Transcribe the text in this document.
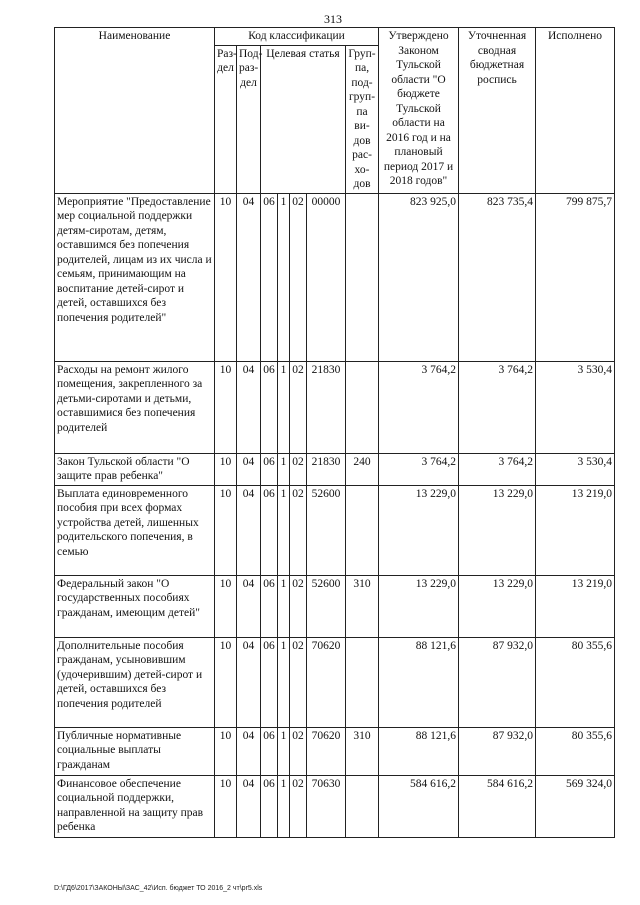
313
Наименование	Код классификации							Утверждено Законом Тульской области "О бюджете Тульской области на 2016 год и на плановый период 2017 и 2018 годов"	Уточненная сводная бюджетная роспись	Исполнено
	Раз-дел	Под-раз-дел	Целевая статья				Груп-па, под-груп-па ви-дов рас-хо-дов			
Мероприятие "Предоставление мер социальной поддержки детям-сиротам, детям, оставшимся без попечения родителей, лицам из их числа и семьям, принимающим на воспитание детей-сирот и детей, оставшихся без попечения родителей"	10	04	06	1	02	00000		823 925,0	823 735,4	799 875,7
Расходы на ремонт жилого помещения, закрепленного за детьми-сиротами и детьми, оставшимися без попечения родителей	10	04	06	1	02	21830		3 764,2	3 764,2	3 530,4
Закон Тульской области "О защите прав ребенка"	10	04	06	1	02	21830	240	3 764,2	3 764,2	3 530,4
Выплата единовременного пособия при всех формах устройства детей, лишенных родительского попечения, в семью	10	04	06	1	02	52600		13 229,0	13 229,0	13 219,0
Федеральный закон "О государственных пособиях гражданам, имеющим детей"	10	04	06	1	02	52600	310	13 229,0	13 229,0	13 219,0
Дополнительные пособия гражданам, усыновившим (удочерившим) детей-сирот и детей, оставшихся без попечения родителей	10	04	06	1	02	70620		88 121,6	87 932,0	80 355,6
Публичные нормативные социальные выплаты гражданам	10	04	06	1	02	70620	310	88 121,6	87 932,0	80 355,6
Финансовое обеспечение социальной поддержки, направленной на защиту прав ребенка	10	04	06	1	02	70630		584 616,2	584 616,2	569 324,0
D:\ГД6\2017\ЗАКОНЫ\ЗАС_42\Исп. бюджет ТО 2016_2 чт\pr5.xls
